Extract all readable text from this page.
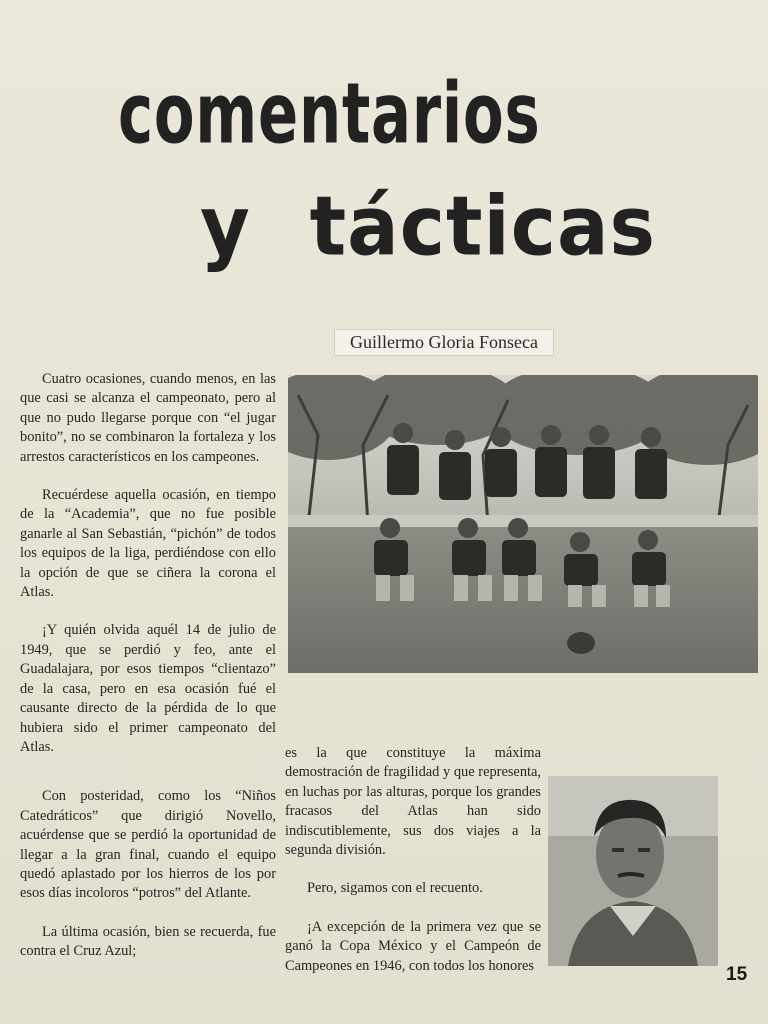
comentarios
y tácticas
Guillermo Gloria Fonseca

Cuatro ocasiones, cuando menos, en las que casi se alcanza el campeonato, pero al que no pudo llegarse porque con “el jugar bonito”, no se combinaron la fortaleza y los arrestos característicos en los campeones.

Recuérdese aquella ocasión, en tiempo de la “Academia”, que no fue posible ganarle al San Sebastián, “pichón” de todos los equipos de la liga, perdiéndose con ello la opción de que se ciñera la corona el Atlas.

¡Y quién olvida aquél 14 de julio de 1949, que se perdió y feo, ante el Guadalajara, por esos tiempos “clientazo” de la casa, pero en esa ocasión fué el causante directo de la pérdida de lo que hubiera sido el primer campeonato del Atlas.

Con posteridad, como los “Niños Catedráticos” que dirigió Novello, acuérdense que se perdió la oportunidad de llegar a la gran final, cuando el equipo quedó aplastado por los hierros de los por esos días incoloros “potros” del Atlante.

La última ocasión, bien se recuerda, fue contra el Cruz Azul;

es la que constituye la máxima demostración de fragilidad y que representa, en luchas por las alturas, porque los grandes fracasos del Atlas han sido indiscutiblemente, sus dos viajes a la segunda división.

Pero, sigamos con el recuento.

¡A excepción de la primera vez que se ganó la Copa México y el Campeón de Campeones en 1946, con todos los honores	15
